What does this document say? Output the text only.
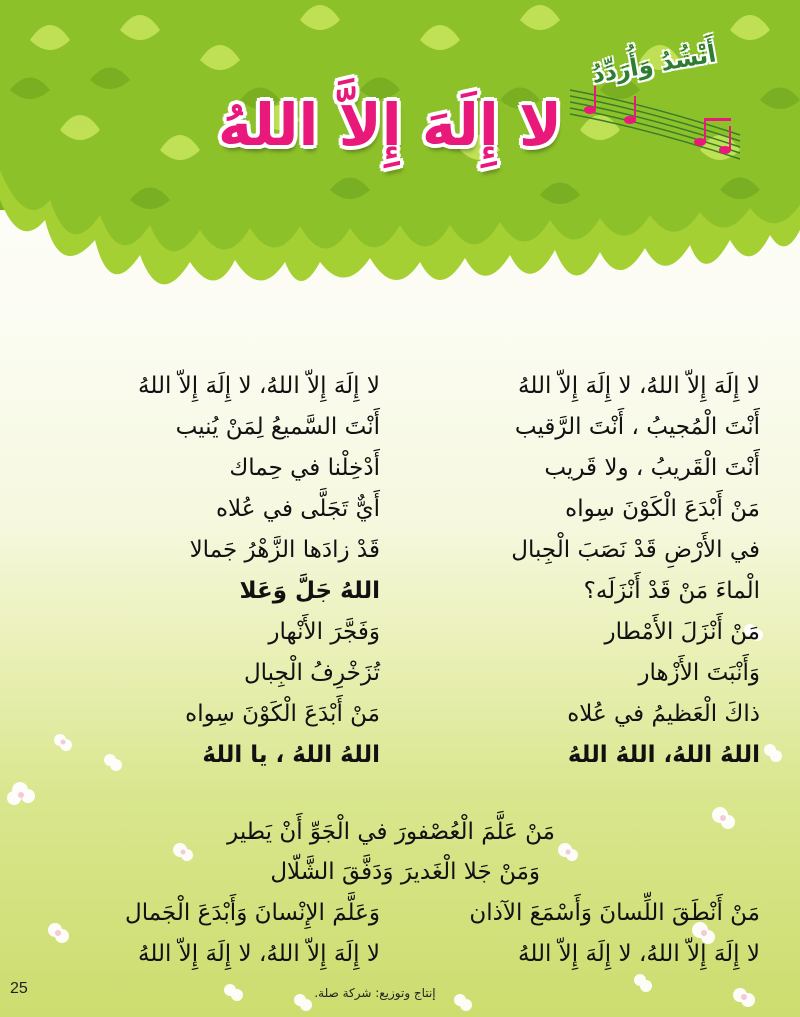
أَنْشُدُ وَأُرَدِّدُ
لا إِلَهَ إِلاَّ اللهُ
لا إِلَهَ إِلاّ اللهُ، لا إِلَهَ إِلاّ اللهُ
لا إِلَهَ إِلاّ اللهُ، لا إِلَهَ إِلاّ اللهُ
أَنْتَ الْمُجيبُ ، أَنْتَ الرَّقيب
أَنْتَ السَّميعُ لِمَنْ يُنيب
أَنْتَ الْقَريبُ ، ولا قَريب
أَدْخِلْنا في حِماك
مَنْ أَبْدَعَ الْكَوْنَ سِواه
أَيٌّ تَجَلَّى في عُلاه
في الأَرْضِ قَدْ نَصَبَ الْجِبال
قَدْ زادَها الزَّهْرُ جَمالا
الْماءَ مَنْ قَدْ أَنْزَلَه؟
اللهُ جَلَّ وَعَلا
مَنْ أَنْزَلَ الأَمْطار
وَفَجَّرَ الأَنْهار
وَأَنْبَتَ الأَزْهار
تُزَخْرِفُ الْجِبال
ذاكَ الْعَظيمُ في عُلاه
مَنْ أَبْدَعَ الْكَوْنَ سِواه
اللهُ اللهُ، اللهُ اللهُ
اللهُ اللهُ ، يا اللهُ
مَنْ عَلَّمَ الْعُصْفورَ في الْجَوِّ أَنْ يَطير
وَمَنْ جَلا الْغَديرَ وَدَفَّقَ الشَّلّال
مَنْ أَنْطَقَ اللِّسانَ وَأَسْمَعَ الآذان
وَعَلَّمَ الإِنْسانَ وَأَبْدَعَ الْجَمال
لا إِلَهَ إِلاّ اللهُ، لا إِلَهَ إِلاّ اللهُ
لا إِلَهَ إِلاّ اللهُ، لا إِلَهَ إِلاّ اللهُ
25	إنتاج وتوزيع: شركة صلة.
